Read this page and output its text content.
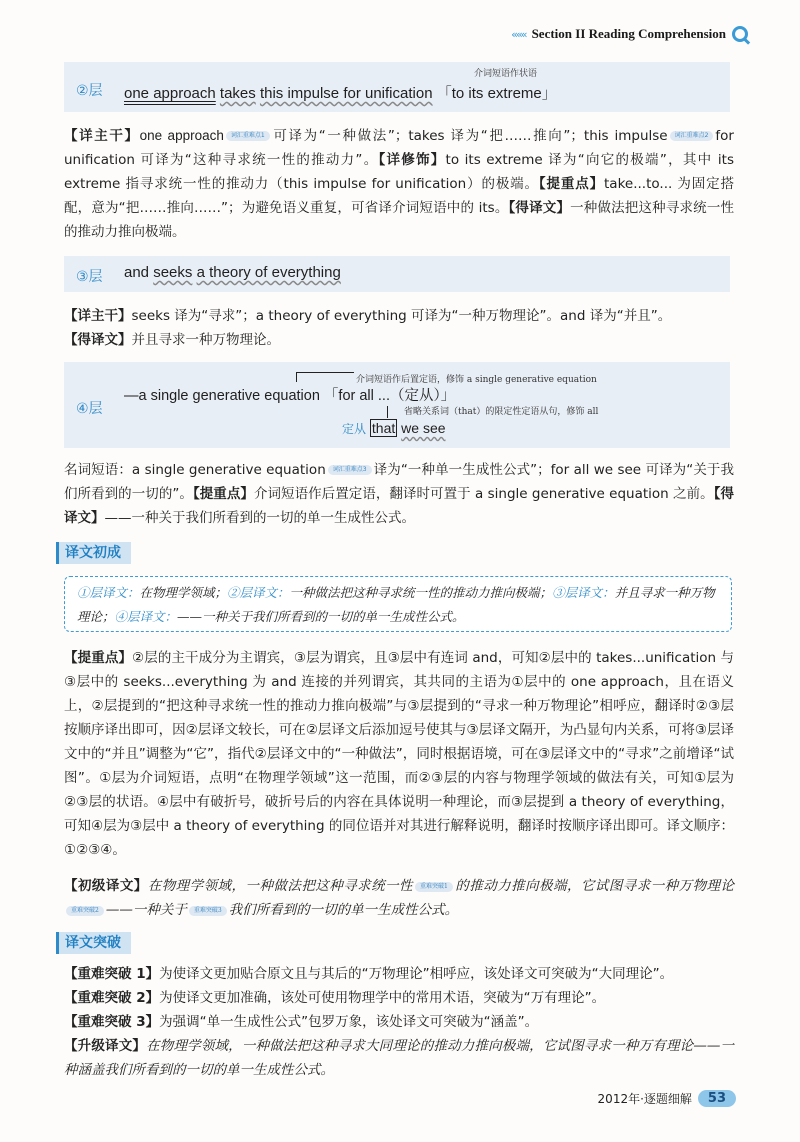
‹‹‹‹‹‹ Section II Reading Comprehension
②层
介词短语作状语
one approach takes this impulse for unification 「to its extreme」

【详主干】one approach 词汇重难点1 可译为“一种做法”；takes 译为“把……推向”；this impulse 词汇重难点2 for unification 可译为“这种寻求统一性的推动力”。【详修饰】to its extreme 译为“向它的极端”，其中 its extreme 指寻求统一性的推动力（this impulse for unification）的极端。【提重点】take...to... 为固定搭配，意为“把……推向……”；为避免语义重复，可省译介词短语中的 its。【得译文】一种做法把这种寻求统一性的推动力推向极端。

③层 and seeks a theory of everything

【详主干】seeks 译为“寻求”；a theory of everything 可译为“一种万物理论”。and 译为“并且”。
【得译文】并且寻求一种万物理论。

④层
介词短语作后置定语，修饰 a single generative equation
—a single generative equation 「for all ...（定从）」
省略关系词（that）的限定性定语从句，修饰 all
定从 that we see

名词短语：a single generative equation 词汇重难点3 译为“一种单一生成性公式”；for all we see 可译为“关于我们所看到的一切的”。【提重点】介词短语作后置定语，翻译时可置于 a single generative equation 之前。【得译文】——一种关于我们所看到的一切的单一生成性公式。

译文初成
①层译文：在物理学领域；②层译文：一种做法把这种寻求统一性的推动力推向极端；③层译文：并且寻求一种万物理论；④层译文：——一种关于我们所看到的一切的单一生成性公式。

【提重点】②层的主干成分为主谓宾，③层为谓宾，且③层中有连词 and，可知②层中的 takes...unification 与③层中的 seeks...everything 为 and 连接的并列谓宾，其共同的主语为①层中的 one approach，且在语义上，②层提到的“把这种寻求统一性的推动力推向极端”与③层提到的“寻求一种万物理论”相呼应，翻译时②③层按顺序译出即可，因②层译文较长，可在②层译文后添加逗号使其与③层译文隔开，为凸显句内关系，可将③层译文中的“并且”调整为“它”，指代②层译文中的“一种做法”，同时根据语境，可在③层译文中的“寻求”之前增译“试图”。①层为介词短语，点明“在物理学领域”这一范围，而②③层的内容与物理学领域的做法有关，可知①层为②③层的状语。④层中有破折号，破折号后的内容在具体说明一种理论，而③层提到 a theory of everything，可知④层为③层中 a theory of everything 的同位语并对其进行解释说明，翻译时按顺序译出即可。译文顺序：①②③④。

【初级译文】在物理学领域，一种做法把这种寻求统一性 重难突破1 的推动力推向极端，它试图寻求一种万物理论重难突破2 ——一种关于 重难突破3 我们所看到的一切的单一生成性公式。

译文突破

【重难突破 1】为使译文更加贴合原文且与其后的“万物理论”相呼应，该处译文可突破为“大同理论”。
【重难突破 2】为使译文更加准确，该处可使用物理学中的常用术语，突破为“万有理论”。
【重难突破 3】为强调“单一生成性公式”包罗万象，该处译文可突破为“涵盖”。
【升级译文】在物理学领域，一种做法把这种寻求大同理论的推动力推向极端，它试图寻求一种万有理论——一种涵盖我们所看到的一切的单一生成性公式。

2012年·逐题细解	53
